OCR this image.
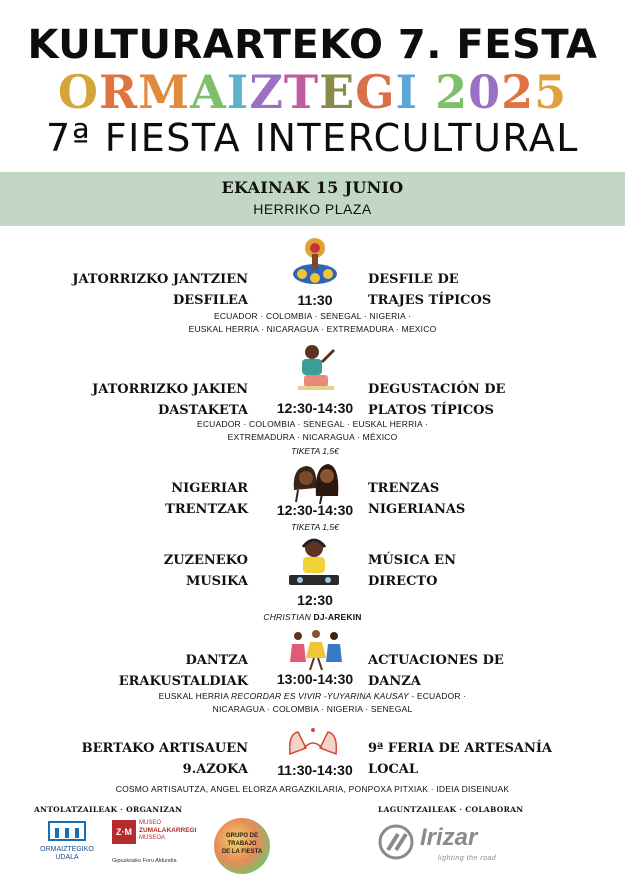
KULTURARTEKO 7. FESTA
ORMAIZTEGI 2025
7ª FIESTA INTERCULTURAL
EKAINAK 15 JUNIO
HERRIKO PLAZA
JATORRIZKO JANTZIEN
DESFILEA	11:30
DESFILE DE
TRAJES TÍPICOS
ECUADOR · COLOMBIA · SENEGAL · NIGERIA ·
EUSKAL HERRIA · NICARAGUA · EXTREMADURA · MEXICO
JATORRIZKO JAKIEN
DASTAKETA	12:30-14:30
DEGUSTACIÓN DE
PLATOS TÍPICOS
ECUADOR · COLOMBIA · SENEGAL · EUSKAL HERRIA ·
EXTREMADURA · NICARAGUA · MÉXICO
TIKETA 1,5€
NIGERIAR
TRENTZAK	12:30-14:30
TRENZAS
NIGERIANAS
TIKETA 1,5€
ZUZENEKO
MUSIKA
12:30
MÚSICA EN
DIRECTO
CHRISTIAN DJ-AREKIN
DANTZA
ERAKUSTALDIAK	13:00-14:30
ACTUACIONES DE
DANZA
EUSKAL HERRIA RECORDAR ES VIVIR -YUYARINA KAUSAY - ECUADOR ·
NICARAGUA · COLOMBIA · NIGERIA · SENEGAL
BERTAKO ARTISAUEN
9.AZOKA	11:30-14:30
9ª FERIA DE ARTESANÍA
LOCAL
COSMO ARTISAUTZA, ANGEL ELORZA ARGAZKILARIA, PONPOXA PITXIAK · IDEIA DISEINUAK
ANTOLATZAILEAK · ORGANIZAN	LAGUNTZAILEAK · COLABORAN
ORMAIZTEGIKO
UDALA
Z·M
MUSEO
ZUMALAKARREGI
MUSEOA
Gipuzkoako Foru Aldundia
GRUPO DE
TRABAJO
DE LA FIESTA
Irizar
lighting the road
